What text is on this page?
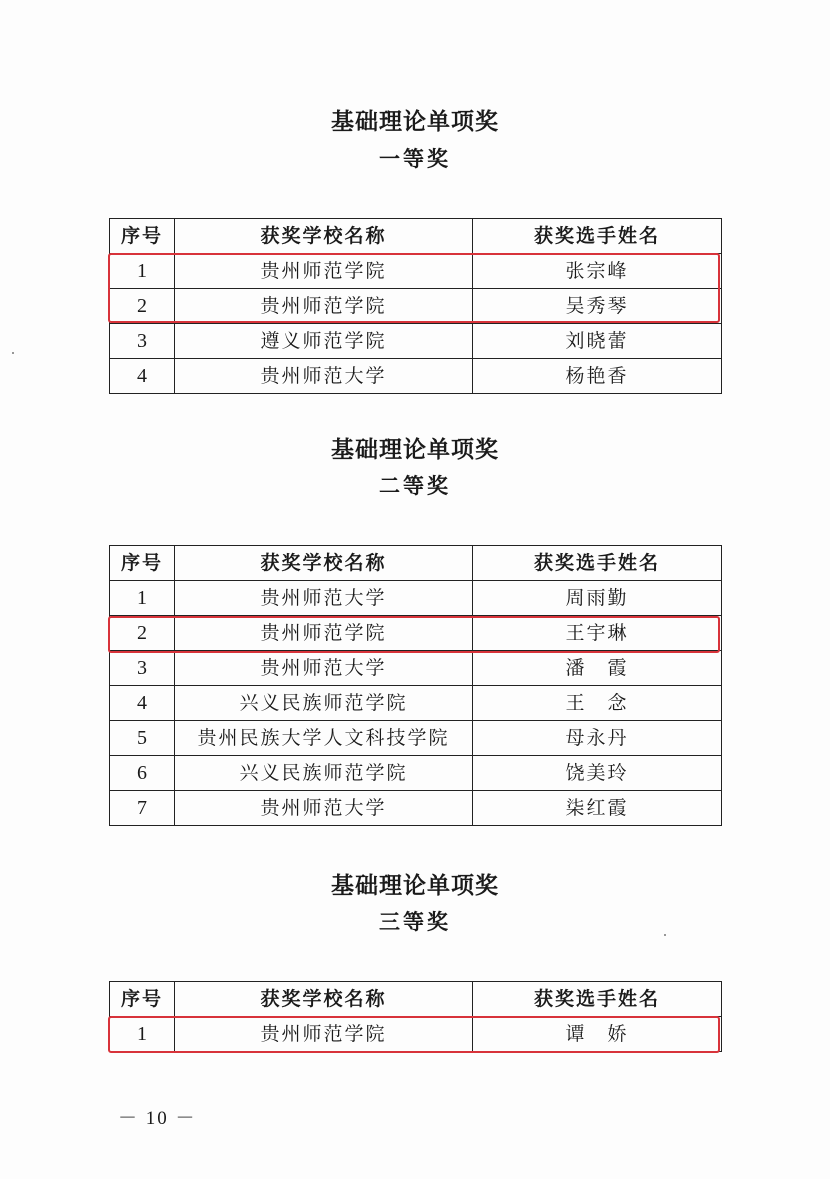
基础理论单项奖
一等奖
序号	获奖学校名称	获奖选手姓名
1	贵州师范学院	张宗峰
2	贵州师范学院	吴秀琴
3	遵义师范学院	刘晓蕾
4	贵州师范大学	杨艳香
基础理论单项奖
二等奖
序号	获奖学校名称	获奖选手姓名
1	贵州师范大学	周雨勤
2	贵州师范学院	王宇琳
3	贵州师范大学	潘　霞
4	兴义民族师范学院	王　念
5	贵州民族大学人文科技学院	母永丹
6	兴义民族师范学院	饶美玲
7	贵州师范大学	柒红霞
基础理论单项奖
三等奖
序号	获奖学校名称	获奖选手姓名
1	贵州师范学院	谭　娇
－ 10 －
